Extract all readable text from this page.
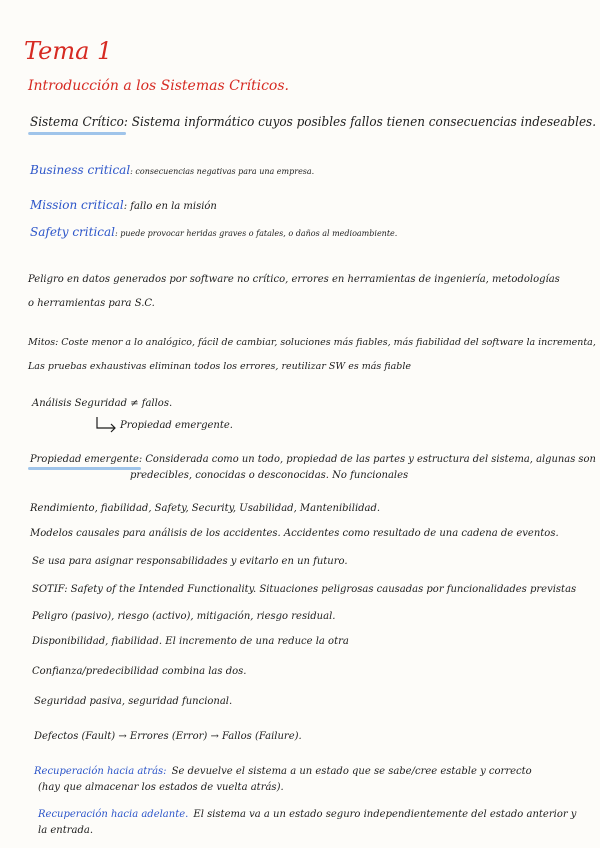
Tema 1
Introducción a los Sistemas Críticos.
Sistema Crítico: Sistema informático cuyos posibles fallos tienen consecuencias indeseables.
Business critical: consecuencias negativas para una empresa.
Mission critical: fallo en la misión
Safety critical: puede provocar heridas graves o fatales, o daños al medioambiente.
Peligro en datos generados por software no crítico, errores en herramientas de ingeniería, metodologías
o herramientas para S.C.
Mitos: Coste menor a lo analógico, fácil de cambiar, soluciones más fiables, más fiabilidad del software la incrementa,
Las pruebas exhaustivas eliminan todos los errores, reutilizar SW es más fiable
Análisis Seguridad ≠ fallos.
Propiedad emergente.
Propiedad emergente: Considerada como un todo, propiedad de las partes y estructura del sistema, algunas son
predecibles, conocidas o desconocidas. No funcionales
Rendimiento, fiabilidad, Safety, Security, Usabilidad, Mantenibilidad.
Modelos causales para análisis de los accidentes. Accidentes como resultado de una cadena de eventos.
Se usa para asignar responsabilidades y evitarlo en un futuro.
SOTIF: Safety of the Intended Functionality. Situaciones peligrosas causadas por funcionalidades previstas
Peligro (pasivo), riesgo (activo), mitigación, riesgo residual.
Disponibilidad, fiabilidad. El incremento de una reduce la otra
Confianza/predecibilidad combina las dos.
Seguridad pasiva, seguridad funcional.
Defectos (Fault) → Errores (Error) → Fallos (Failure).
Recuperación hacia atrás: Se devuelve el sistema a un estado que se sabe/cree estable y correcto
(hay que almacenar los estados de vuelta atrás).
Recuperación hacia adelante. El sistema va a un estado seguro independientemente del estado anterior y
la entrada.
